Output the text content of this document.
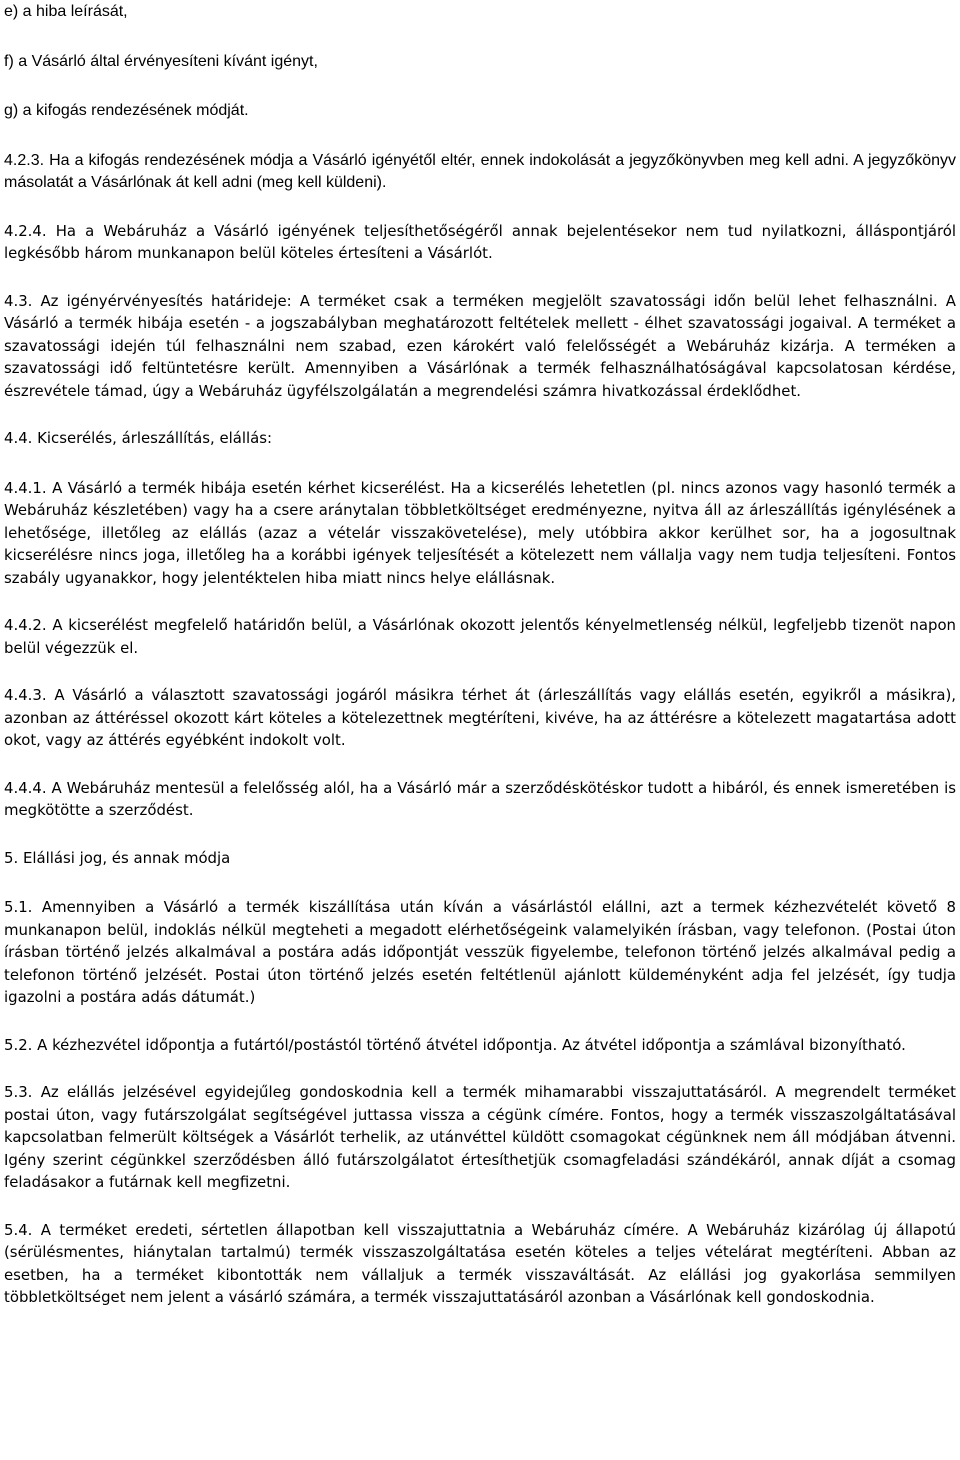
e) a hiba leírását,

f) a Vásárló által érvényesíteni kívánt igényt,

g) a kifogás rendezésének módját.

4.2.3. Ha a kifogás rendezésének módja a Vásárló igényétől eltér, ennek indokolását a jegyzőkönyvben meg kell adni. A jegyzőkönyv másolatát a Vásárlónak át kell adni (meg kell küldeni).

4.2.4. Ha a Webáruház a Vásárló igényének teljesíthetőségéről annak bejelentésekor nem tud nyilatkozni, álláspontjáról legkésőbb három munkanapon belül köteles értesíteni a Vásárlót.

4.3. Az igényérvényesítés határideje: A terméket csak a terméken megjelölt szavatossági időn belül lehet felhasználni. A Vásárló a termék hibája esetén - a jogszabályban meghatározott feltételek mellett - élhet szavatossági jogaival. A terméket a szavatossági idején túl felhasználni nem szabad, ezen károkért való felelősségét a Webáruház kizárja. A terméken a szavatossági idő feltüntetésre került. Amennyiben a Vásárlónak a termék felhasználhatóságával kapcsolatosan kérdése, észrevétele támad, úgy a Webáruház ügyfélszolgálatán a megrendelési számra hivatkozással érdeklődhet.

4.4. Kicserélés, árleszállítás, elállás:

4.4.1. A Vásárló a termék hibája esetén kérhet kicserélést. Ha a kicserélés lehetetlen (pl. nincs azonos vagy hasonló termék a Webáruház készletében) vagy ha a csere aránytalan többletköltséget eredményezne, nyitva áll az árleszállítás igénylésének a lehetősége, illetőleg az elállás (azaz a vételár visszakövetelése), mely utóbbira akkor kerülhet sor, ha a jogosultnak kicserélésre nincs joga, illetőleg ha a korábbi igények teljesítését a kötelezett nem vállalja vagy nem tudja teljesíteni. Fontos szabály ugyanakkor, hogy jelentéktelen hiba miatt nincs helye elállásnak.

4.4.2. A kicserélést megfelelő határidőn belül, a Vásárlónak okozott jelentős kényelmetlenség nélkül, legfeljebb tizenöt napon belül végezzük el.

4.4.3. A Vásárló a választott szavatossági jogáról másikra térhet át (árleszállítás vagy elállás esetén, egyikről a másikra), azonban az áttéréssel okozott kárt köteles a kötelezettnek megtéríteni, kivéve, ha az áttérésre a kötelezett magatartása adott okot, vagy az áttérés egyébként indokolt volt.

4.4.4. A Webáruház mentesül a felelősség alól, ha a Vásárló már a szerződéskötéskor tudott a hibáról, és ennek ismeretében is megkötötte a szerződést.

5. Elállási jog, és annak módja

5.1. Amennyiben a Vásárló a termék kiszállítása után kíván a vásárlástól elállni, azt a termek kézhezvételét követő 8 munkanapon belül, indoklás nélkül megteheti a megadott elérhetőségeink valamelyikén írásban, vagy telefonon. (Postai úton írásban történő jelzés alkalmával a postára adás időpontját vesszük figyelembe, telefonon történő jelzés alkalmával pedig a telefonon történő jelzését. Postai úton történő jelzés esetén feltétlenül ajánlott küldeményként adja fel jelzését, így tudja igazolni a postára adás dátumát.)

5.2. A kézhezvétel időpontja a futártól/postástól történő átvétel időpontja. Az átvétel időpontja a számlával bizonyítható.

5.3. Az elállás jelzésével egyidejűleg gondoskodnia kell a termék mihamarabbi visszajuttatásáról. A megrendelt terméket postai úton, vagy futárszolgálat segítségével juttassa vissza a cégünk címére. Fontos, hogy a termék visszaszolgáltatásával kapcsolatban felmerült költségek a Vásárlót terhelik, az utánvéttel küldött csomagokat cégünknek nem áll módjában átvenni. Igény szerint cégünkkel szerződésben álló futárszolgálatot értesíthetjük csomagfeladási szándékáról, annak díját a csomag feladásakor a futárnak kell megfizetni.

5.4. A terméket eredeti, sértetlen állapotban kell visszajuttatnia a Webáruház címére. A Webáruház kizárólag új állapotú (sérülésmentes, hiánytalan tartalmú) termék visszaszolgáltatása esetén köteles a teljes vételárat megtéríteni. Abban az esetben, ha a terméket kibontották nem vállaljuk a termék visszaváltását. Az elállási jog gyakorlása semmilyen többletköltséget nem jelent a vásárló számára, a termék visszajuttatásáról azonban a Vásárlónak kell gondoskodnia.
